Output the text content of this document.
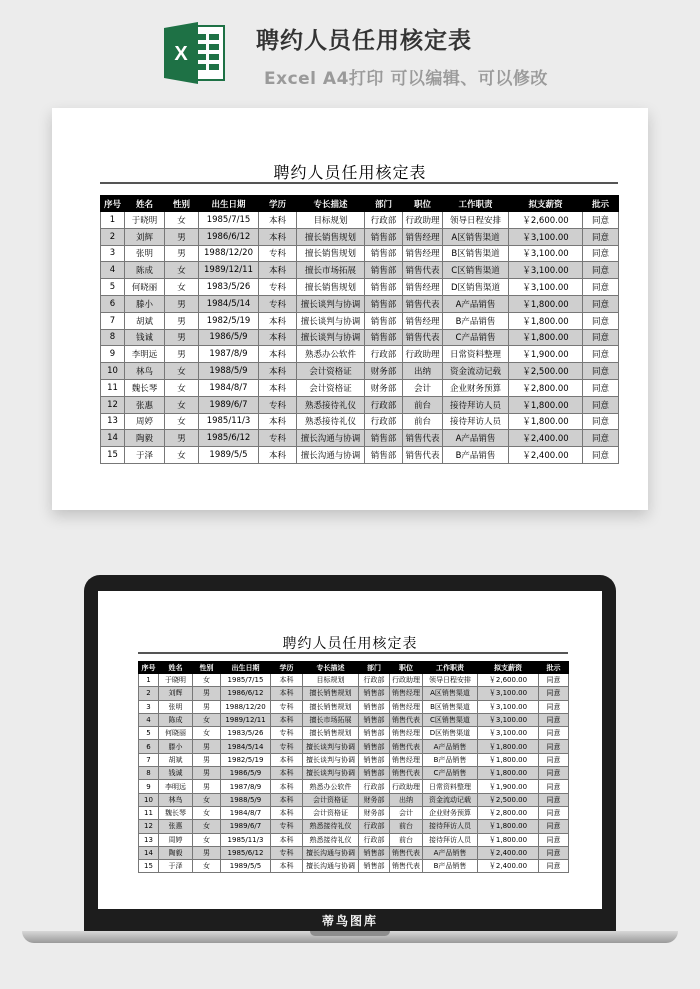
X	聘约人员任用核定表
Excel A4打印 可以编辑、可以修改
聘约人员任用核定表
序号	姓名	性别	出生日期	学历	专长描述	部门	职位	工作职责	拟支薪资	批示
1	于晓明	女	1985/7/15	本科	目标规划	行政部	行政助理	领导日程安排	￥2,600.00	同意
2	刘辉	男	1986/6/12	本科	擅长销售规划	销售部	销售经理	A区销售渠道	￥3,100.00	同意
3	张明	男	1988/12/20	专科	擅长销售规划	销售部	销售经理	B区销售渠道	￥3,100.00	同意
4	陈成	女	1989/12/11	本科	擅长市场拓展	销售部	销售代表	C区销售渠道	￥3,100.00	同意
5	何晓丽	女	1983/5/26	专科	擅长销售规划	销售部	销售经理	D区销售渠道	￥3,100.00	同意
6	滕小	男	1984/5/14	专科	擅长谈判与协调	销售部	销售代表	A产品销售	￥1,800.00	同意
7	胡斌	男	1982/5/19	本科	擅长谈判与协调	销售部	销售经理	B产品销售	￥1,800.00	同意
8	钱诚	男	1986/5/9	本科	擅长谈判与协调	销售部	销售代表	C产品销售	￥1,800.00	同意
9	李明远	男	1987/8/9	本科	熟悉办公软件	行政部	行政助理	日常资料整理	￥1,900.00	同意
10	林鸟	女	1988/5/9	本科	会计资格证	财务部	出纳	资金流动记载	￥2,500.00	同意
11	魏长琴	女	1984/8/7	本科	会计资格证	财务部	会计	企业财务预算	￥2,800.00	同意
12	张惠	女	1989/6/7	专科	熟悉接待礼仪	行政部	前台	接待拜访人员	￥1,800.00	同意
13	周婷	女	1985/11/3	本科	熟悉接待礼仪	行政部	前台	接待拜访人员	￥1,800.00	同意
14	陶毅	男	1985/6/12	专科	擅长沟通与协调	销售部	销售代表	A产品销售	￥2,400.00	同意
15	于泽	女	1989/5/5	本科	擅长沟通与协调	销售部	销售代表	B产品销售	￥2,400.00	同意
聘约人员任用核定表
序号	姓名	性别	出生日期	学历	专长描述	部门	职位	工作职责	拟支薪资	批示
1	于晓明	女	1985/7/15	本科	目标规划	行政部	行政助理	领导日程安排	￥2,600.00	同意
2	刘辉	男	1986/6/12	本科	擅长销售规划	销售部	销售经理	A区销售渠道	￥3,100.00	同意
3	张明	男	1988/12/20	专科	擅长销售规划	销售部	销售经理	B区销售渠道	￥3,100.00	同意
4	陈成	女	1989/12/11	本科	擅长市场拓展	销售部	销售代表	C区销售渠道	￥3,100.00	同意
5	何晓丽	女	1983/5/26	专科	擅长销售规划	销售部	销售经理	D区销售渠道	￥3,100.00	同意
6	滕小	男	1984/5/14	专科	擅长谈判与协调	销售部	销售代表	A产品销售	￥1,800.00	同意
7	胡斌	男	1982/5/19	本科	擅长谈判与协调	销售部	销售经理	B产品销售	￥1,800.00	同意
8	钱诚	男	1986/5/9	本科	擅长谈判与协调	销售部	销售代表	C产品销售	￥1,800.00	同意
9	李明远	男	1987/8/9	本科	熟悉办公软件	行政部	行政助理	日常资料整理	￥1,900.00	同意
10	林鸟	女	1988/5/9	本科	会计资格证	财务部	出纳	资金流动记载	￥2,500.00	同意
11	魏长琴	女	1984/8/7	本科	会计资格证	财务部	会计	企业财务预算	￥2,800.00	同意
12	张惠	女	1989/6/7	专科	熟悉接待礼仪	行政部	前台	接待拜访人员	￥1,800.00	同意
13	周婷	女	1985/11/3	本科	熟悉接待礼仪	行政部	前台	接待拜访人员	￥1,800.00	同意
14	陶毅	男	1985/6/12	专科	擅长沟通与协调	销售部	销售代表	A产品销售	￥2,400.00	同意
15	于泽	女	1989/5/5	本科	擅长沟通与协调	销售部	销售代表	B产品销售	￥2,400.00	同意
蒂鸟图库
